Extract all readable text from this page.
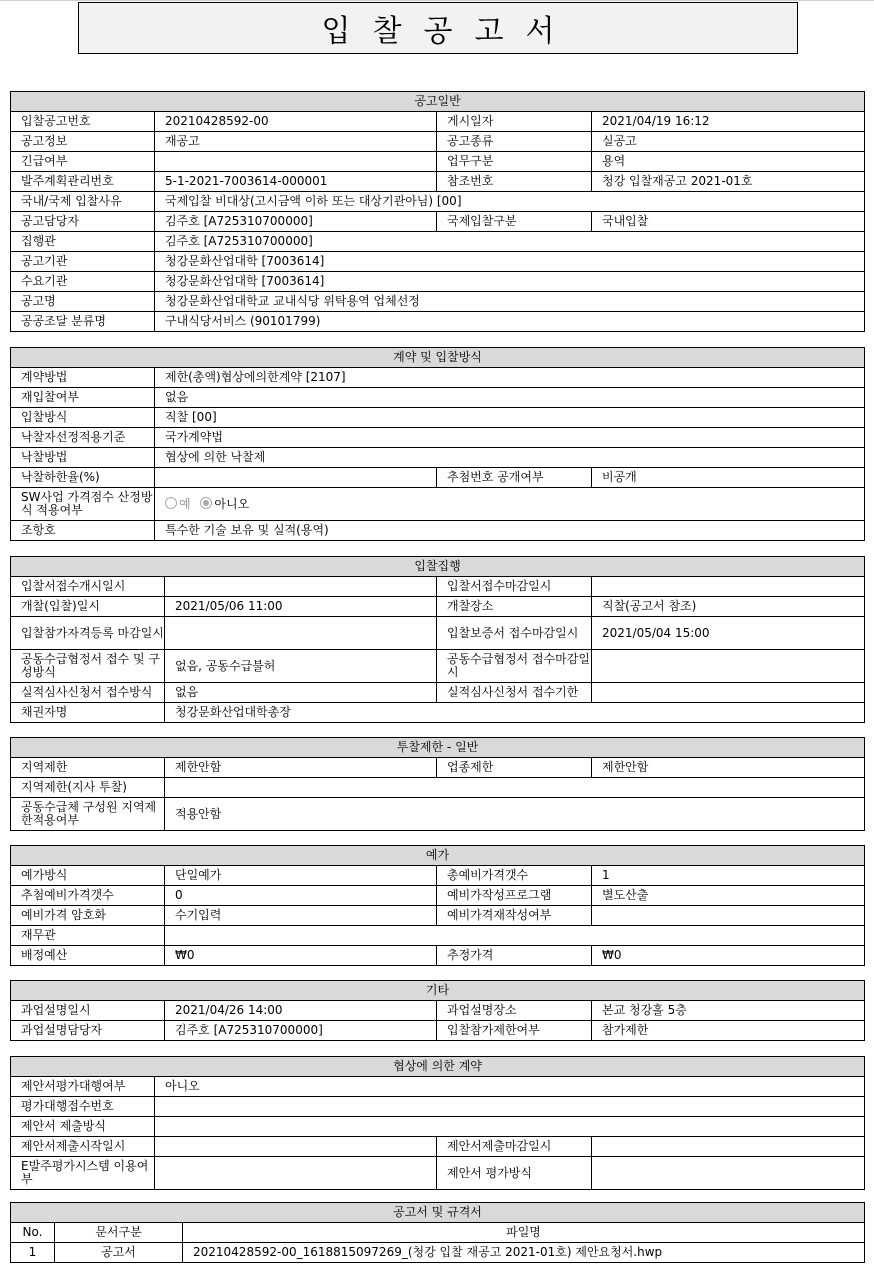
입찰공고서
공고일반			
입찰공고번호	20210428592-00	게시일자	2021/04/19 16:12
공고정보	재공고	공고종류	실공고
긴급여부		업무구분	용역
발주계획관리번호	5-1-2021-7003614-000001	참조번호	청강 입찰재공고 2021-01호
국내/국제 입찰사유	국제입찰 비대상(고시금액 이하 또는 대상기관아님) [00]		
공고담당자	김주호 [A725310700000]	국제입찰구분	국내입찰
집행관	김주호 [A725310700000]		
공고기관	청강문화산업대학 [7003614]		
수요기관	청강문화산업대학 [7003614]		
공고명	청강문화산업대학교 교내식당 위탁용역 업체선정		
공공조달 분류명	구내식당서비스 (90101799)		
계약 및 입찰방식			
계약방법	제한(총액)협상에의한계약 [2107]		
재입찰여부	없음		
입찰방식	직찰 [00]		
낙찰자선정적용기준	국가계약법		
낙찰방법	협상에 의한 낙찰제		
낙찰하한율(%)		추첨번호 공개여부	비공개
SW사업 가격점수 산정방식 적용여부	예 아니오		
조항호	특수한 기술 보유 및 실적(용역)		
입찰집행			
입찰서접수개시일시		입찰서접수마감일시	
개찰(입찰)일시	2021/05/06 11:00	개찰장소	직찰(공고서 참조)
입찰참가자격등록 마감일시		입찰보증서 접수마감일시	2021/05/04 15:00
공동수급협정서 접수 및 구성방식	없음, 공동수급불허	공동수급협정서 접수마감일시	
실적심사신청서 접수방식	없음	실적심사신청서 접수기한	
채권자명	청강문화산업대학총장		
투찰제한 - 일반			
지역제한	제한안함	업종제한	제한안함
지역제한(지사 투찰)			
공동수급체 구성원 지역제한적용여부	적용안함		
예가			
예가방식	단일예가	총예비가격갯수	1
추첨예비가격갯수	0	예비가작성프로그램	별도산출
예비가격 암호화	수기입력	예비가격재작성여부	
재무관			
배정예산	₩0	추정가격	₩0
기타			
과업설명일시	2021/04/26 14:00	과업설명장소	본교 청강홀 5층
과업설명담당자	김주호 [A725310700000]	입찰참가제한여부	참가제한
협상에 의한 계약			
제안서평가대행여부	아니오		
평가대행접수번호			
제안서 제출방식			
제안서제출시작일시		제안서제출마감일시	
E발주평가시스템 이용여부		제안서 평가방식	
공고서 및 규격서		
No.	문서구분	파일명
1	공고서	20210428592-00_1618815097269_(청강 입찰 재공고 2021-01호) 제안요청서.hwp
